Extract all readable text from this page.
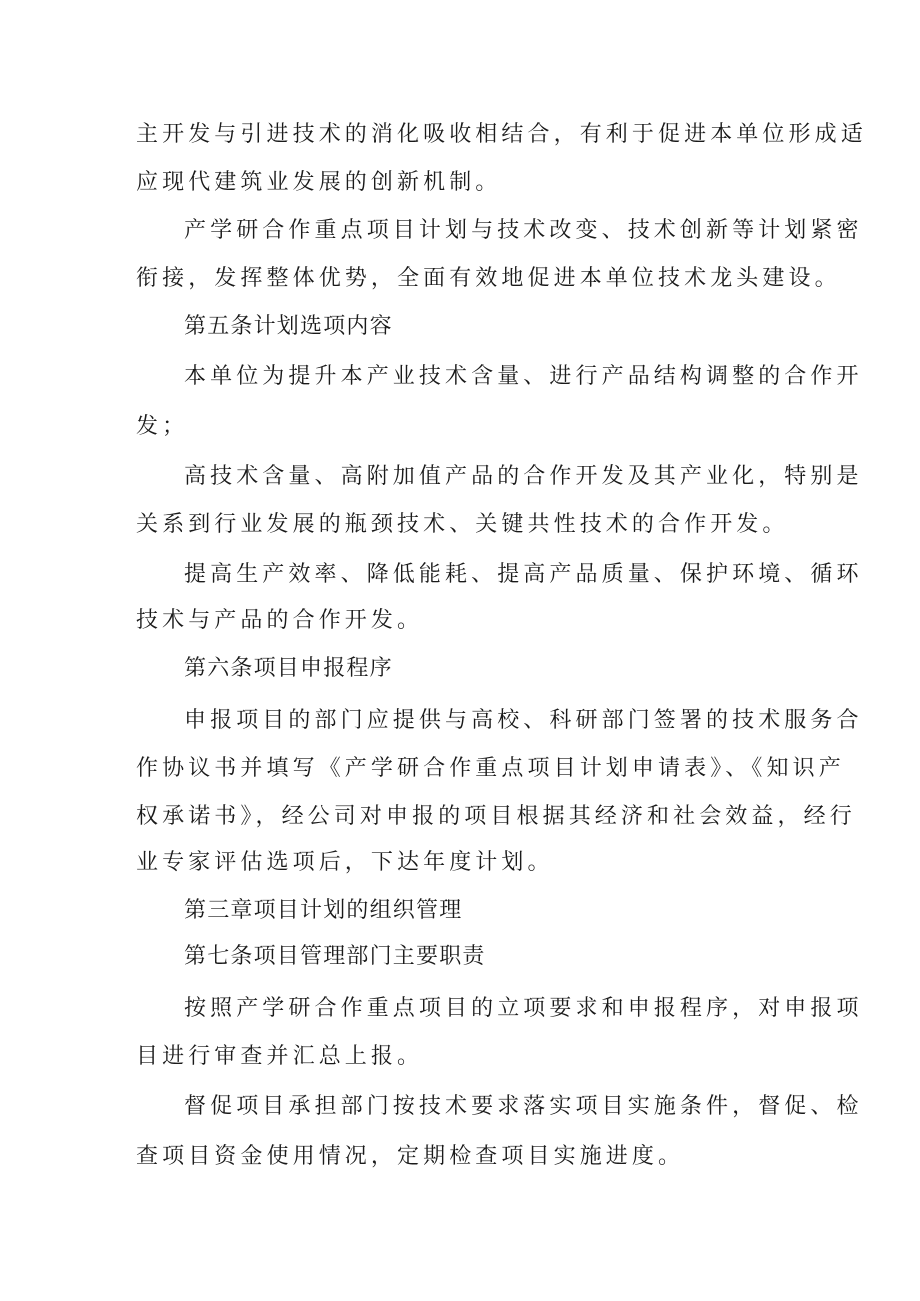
主开发与引进技术的消化吸收相结合，有利于促进本单位形成适
应现代建筑业发展的创新机制。
产学研合作重点项目计划与技术改变、技术创新等计划紧密
衔接，发挥整体优势，全面有效地促进本单位技术龙头建设。
第五条计划选项内容
本单位为提升本产业技术含量、进行产品结构调整的合作开
发；
高技术含量、高附加值产品的合作开发及其产业化，特别是
关系到行业发展的瓶颈技术、关键共性技术的合作开发。
提高生产效率、降低能耗、提高产品质量、保护环境、循环
技术与产品的合作开发。
第六条项目申报程序
申报项目的部门应提供与高校、科研部门签署的技术服务合
作协议书并填写《产学研合作重点项目计划申请表》、《知识产
权承诺书》，经公司对申报的项目根据其经济和社会效益，经行
业专家评估选项后，下达年度计划。
第三章项目计划的组织管理
第七条项目管理部门主要职责
按照产学研合作重点项目的立项要求和申报程序，对申报项
目进行审查并汇总上报。
督促项目承担部门按技术要求落实项目实施条件，督促、检
查项目资金使用情况，定期检查项目实施进度。
